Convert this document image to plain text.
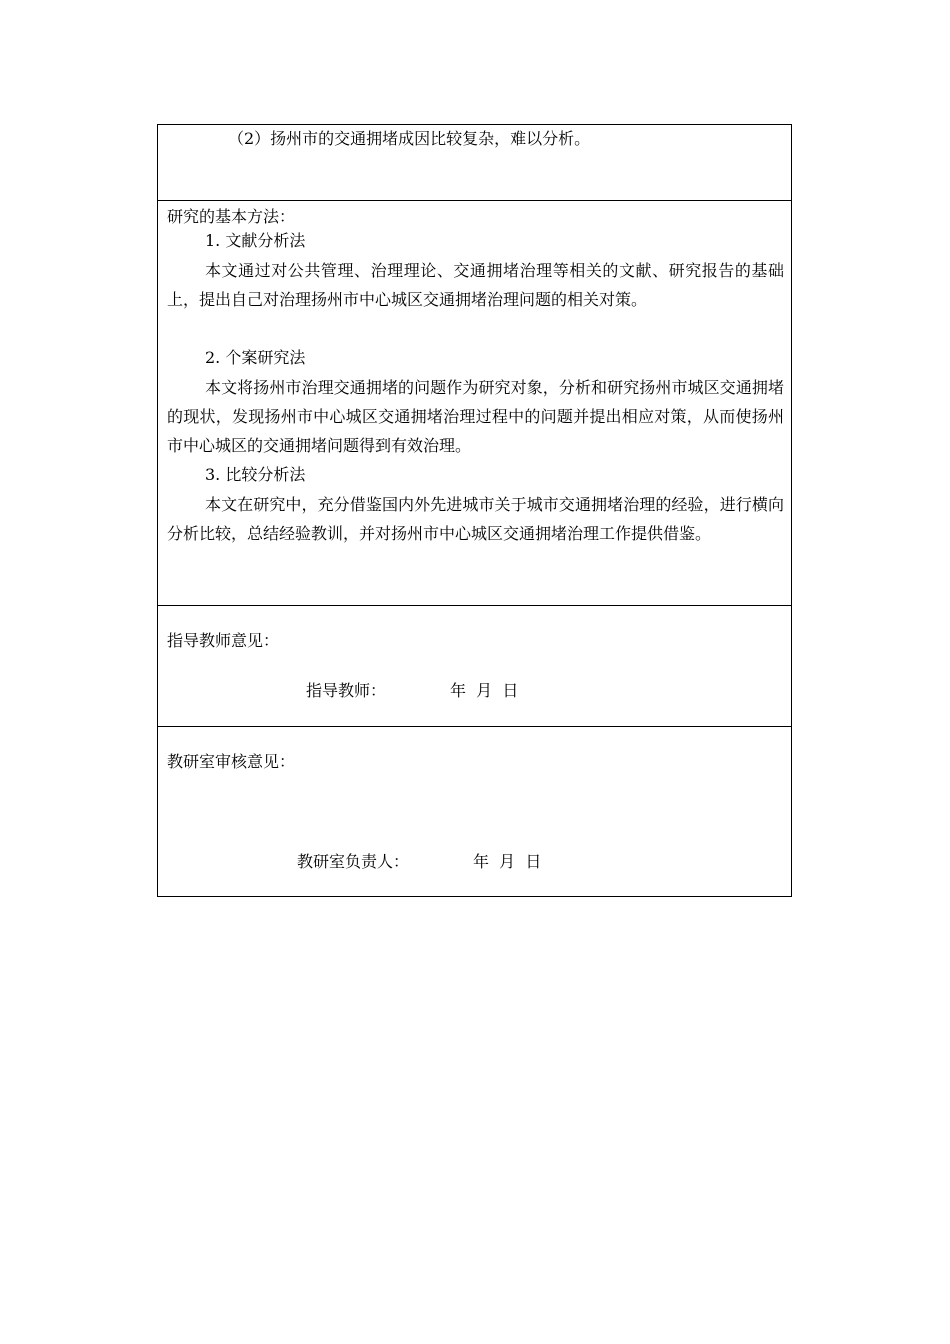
（2）扬州市的交通拥堵成因比较复杂，难以分析。
研究的基本方法：
1. 文献分析法
本文通过对公共管理、治理理论、交通拥堵治理等相关的文献、研究报告的基础上，提出自己对治理扬州市中心城区交通拥堵治理问题的相关对策。
2. 个案研究法
本文将扬州市治理交通拥堵的问题作为研究对象，分析和研究扬州市城区交通拥堵的现状，发现扬州市中心城区交通拥堵治理过程中的问题并提出相应对策，从而使扬州市中心城区的交通拥堵问题得到有效治理。
3. 比较分析法
本文在研究中，充分借鉴国内外先进城市关于城市交通拥堵治理的经验，进行横向分析比较，总结经验教训，并对扬州市中心城区交通拥堵治理工作提供借鉴。
指导教师意见：
指导教师：	年  月  日
教研室审核意见：
教研室负责人：	年  月  日
